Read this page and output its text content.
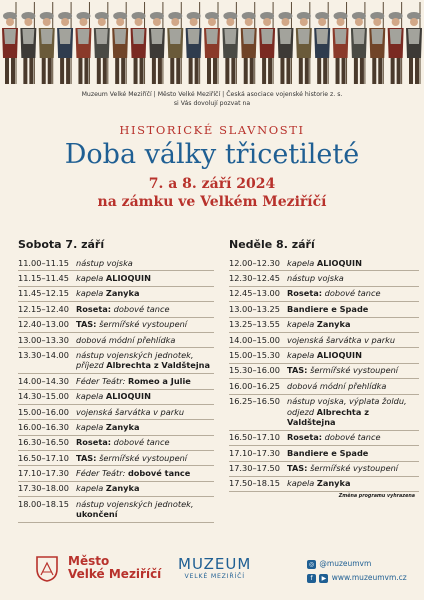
Muzeum Velké Meziříčí | Město Velké Meziříčí | Česká asociace vojenské historie z. s.
si Vás dovolují pozvat na
HISTORICKÉ SLAVNOSTI
Doba války třicetileté
7. a 8. září 2024
na zámku ve Velkém Meziříčí
Sobota 7. září
11.00–11.15 nástup vojska
11.15–11.45 kapela ALIOQUIN
11.45–12.15 kapela Zanyka
12.15–12.40 Roseta: dobové tance
12.40–13.00 TAS: šermířské vystoupení
13.00–13.30 dobová módní přehlídka
13.30–14.00 nástup vojenských jednotek, příjezd Albrechta z Valdštejna
14.00–14.30 Féder Teátr: Romeo a Julie
14.30–15.00 kapela ALIOQUIN
15.00–16.00 vojenská šarvátka v parku
16.00–16.30 kapela Zanyka
16.30–16.50 Roseta: dobové tance
16.50–17.10 TAS: šermířské vystoupení
17.10–17.30 Féder Teátr: dobové tance
17.30–18.00 kapela Zanyka
18.00–18.15 nástup vojenských jednotek, ukončení
Neděle 8. září
12.00–12.30 kapela ALIOQUIN
12.30–12.45 nástup vojska
12.45–13.00 Roseta: dobové tance
13.00–13.25 Bandiere e Spade
13.25–13.55 kapela Zanyka
14.00–15.00 vojenská šarvátka v parku
15.00–15.30 kapela ALIOQUIN
15.30–16.00 TAS: šermířské vystoupení
16.00–16.25 dobová módní přehlídka
16.25–16.50 nástup vojska, výplata žoldu, odjezd Albrechta z Valdštejna
16.50–17.10 Roseta: dobové tance
17.10–17.30 Bandiere e Spade
17.30–17.50 TAS: šermířské vystoupení
17.50–18.15 kapela Zanyka
Změna programu vyhrazena
Město
Velké Meziříčí
MUZEUM
VELKÉ MEZIŘÍČÍ
◎ @muzeumvm
f ▶ www.muzeumvm.cz
